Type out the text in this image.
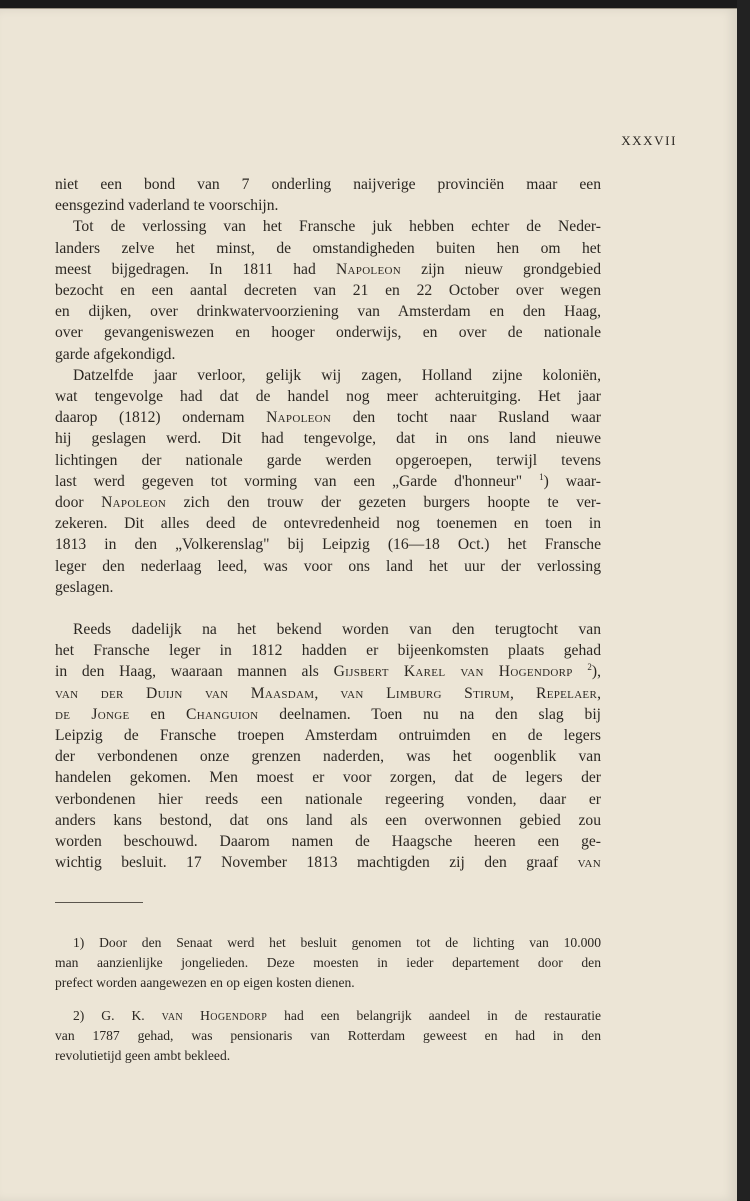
XXXVII

niet een bond van 7 onderling naijverige provinciën maar een
eensgezind vaderland te voorschijn.

Tot de verlossing van het Fransche juk hebben echter de Neder-
landers zelve het minst, de omstandigheden buiten hen om het
meest bijgedragen. In 1811 had Napoleon zijn nieuw grondgebied
bezocht en een aantal decreten van 21 en 22 October over wegen
en dijken, over drinkwatervoorziening van Amsterdam en den Haag,
over gevangeniswezen en hooger onderwijs, en over de nationale
garde afgekondigd.

Datzelfde jaar verloor, gelijk wij zagen, Holland zijne koloniën,
wat tengevolge had dat de handel nog meer achteruitging. Het jaar
daarop (1812) ondernam Napoleon den tocht naar Rusland waar
hij geslagen werd. Dit had tengevolge, dat in ons land nieuwe
lichtingen der nationale garde werden opgeroepen, terwijl tevens
last werd gegeven tot vorming van een „Garde d'honneur" $^1$) waar-
door Napoleon zich den trouw der gezeten burgers hoopte te ver-
zekeren. Dit alles deed de ontevredenheid nog toenemen en toen in
1813 in den „Volkerenslag" bij Leipzig (16—18 Oct.) het Fransche
leger den nederlaag leed, was voor ons land het uur der verlossing
geslagen.

Reeds dadelijk na het bekend worden van den terugtocht van
het Fransche leger in 1812 hadden er bijeenkomsten plaats gehad
in den Haag, waaraan mannen als Gijsbert Karel van Hogendorp $^2$),
van der Duijn van Maasdam, van Limburg Stirum, Repelaer,
de Jonge en Changuion deelnamen. Toen nu na den slag bij
Leipzig de Fransche troepen Amsterdam ontruimden en de legers
der verbondenen onze grenzen naderden, was het oogenblik van
handelen gekomen. Men moest er voor zorgen, dat de legers der
verbondenen hier reeds een nationale regeering vonden, daar er
anders kans bestond, dat ons land als een overwonnen gebied zou
worden beschouwd. Daarom namen de Haagsche heeren een ge-
wichtig besluit. 17 November 1813 machtigden zij den graaf van

1) Door den Senaat werd het besluit genomen tot de lichting van 10.000
man aanzienlijke jongelieden. Deze moesten in ieder departement door den
prefect worden aangewezen en op eigen kosten dienen.

2) G. K. van Hogendorp had een belangrijk aandeel in de restauratie
van 1787 gehad, was pensionaris van Rotterdam geweest en had in den
revolutietijd geen ambt bekleed.
